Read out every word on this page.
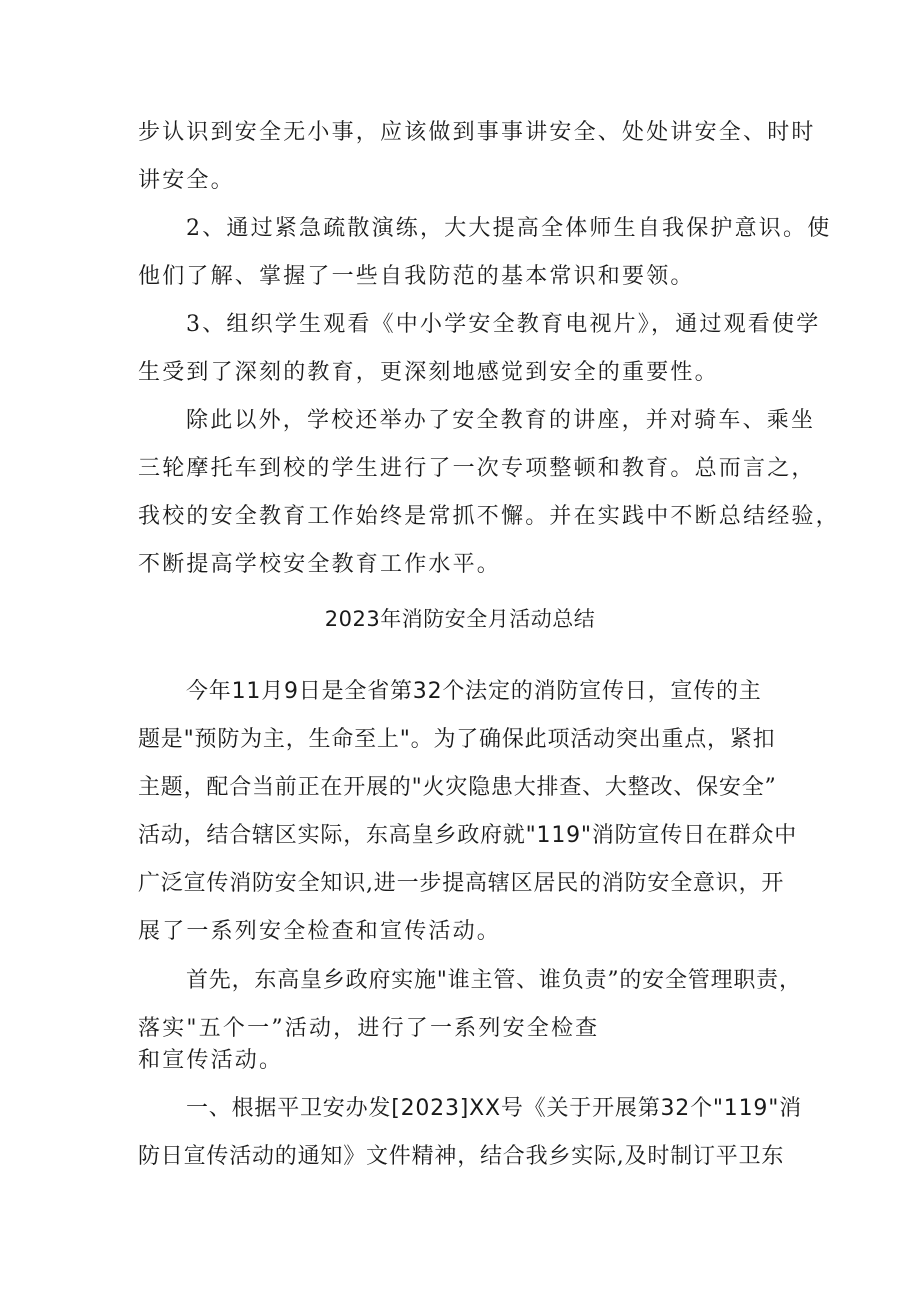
步认识到安全无小事，应该做到事事讲安全、处处讲安全、时时
讲安全。
2、通过紧急疏散演练，大大提高全体师生自我保护意识。使
他们了解、掌握了一些自我防范的基本常识和要领。
3、组织学生观看《中小学安全教育电视片》，通过观看使学
生受到了深刻的教育，更深刻地感觉到安全的重要性。
除此以外，学校还举办了安全教育的讲座，并对骑车、乘坐
三轮摩托车到校的学生进行了一次专项整顿和教育。总而言之，
我校的安全教育工作始终是常抓不懈。并在实践中不断总结经验，
不断提高学校安全教育工作水平。
2023年消防安全月活动总结
今年11月9日是全省第32个法定的消防宣传日，宣传的主
题是"预防为主，生命至上"。为了确保此项活动突出重点，紧扣
主题，配合当前正在开展的"火灾隐患大排查、大整改、保安全”
活动，结合辖区实际，东高皇乡政府就"119"消防宣传日在群众中
广泛宣传消防安全知识,进一步提高辖区居民的消防安全意识，开
展了一系列安全检查和宣传活动。
首先，东高皇乡政府实施"谁主管、谁负责”的安全管理职责，
落实"五个一”活动，进行了一系列安全检查
和宣传活动。
一、根据平卫安办发[2023]XX号《关于开展第32个"119"消
防日宣传活动的通知》文件精神，结合我乡实际,及时制订平卫东
